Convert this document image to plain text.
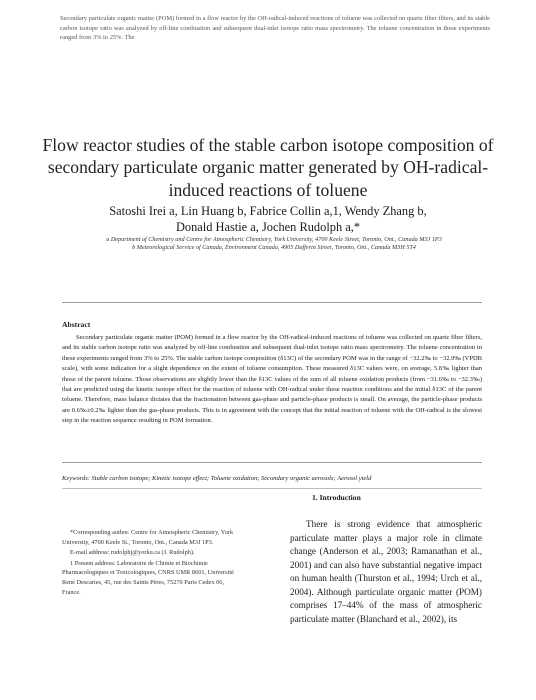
Secondary particulate organic matter (POM) formed in a flow reactor by the OH-radical-induced reactions of toluene was collected on quartz fiber filters, and its stable carbon isotope ratio was analyzed by off-line combustion and subsequent dual-inlet isotope ratio mass spectrometry. The toluene concentration in these experiments ranged from 3% to 25%. The
Flow reactor studies of the stable carbon isotope composition of secondary particulate organic matter generated by OH-radical-induced reactions of toluene
Satoshi Irei a, Lin Huang b, Fabrice Collin a,1, Wendy Zhang b,
Donald Hastie a, Jochen Rudolph a,*
a Department of Chemistry and Centre for Atmospheric Chemistry, York University, 4700 Keele Street, Toronto, Ont., Canada M3J 1P3
b Meteorological Service of Canada, Environment Canada, 4905 Dufferin Street, Toronto, Ont., Canada M3H 5T4
Abstract

Secondary particulate organic matter (POM) formed in a flow reactor by the OH-radical-induced reactions of toluene was collected on quartz fiber filters, and its stable carbon isotope ratio was analyzed by off-line combustion and subsequent dual-inlet isotope ratio mass spectrometry. The toluene concentration in these experiments ranged from 3% to 25%. The stable carbon isotope composition (δ13C) of the secondary POM was in the range of −32.2‰ to −32.9‰ (VPDB scale), with some indication for a slight dependence on the extent of toluene consumption. These measured δ13C values were, on average, 5.8‰ lighter than those of the parent toluene. Those observations are slightly lower than the δ13C values of the sum of all toluene oxidation products (from −31.6‰ to −32.3‰) that are predicted using the kinetic isotope effect for the reaction of toluene with OH-radical under these reaction conditions and the initial δ13C of the parent toluene. Therefore, mass balance dictates that the fractionation between gas-phase and particle-phase products is small. On average, the particle-phase products are 0.6‰±0.2‰ lighter than the gas-phase products. This is in agreement with the concept that the initial reaction of toluene with the OH-radical is the slowest step in the reaction sequence resulting in POM formation.

Keywords: Stable carbon isotope; Kinetic isotope effect; Toluene oxidation; Secondary organic aerosols; Aerosol yield

*Corresponding author. Centre for Atmospheric Chemistry, York University, 4700 Keele St., Toronto, Ont., Canada M3J 1P3.

E-mail address: rudolphj@yorku.ca (J. Rudolph).

1 Present address: Laboratoire de Chimie et Biochimie Pharmacologiques et Toxicologiques, CNRS UMR 8601, Université René Descartes, 45, rue des Saints Pères, 75270 Paris Cedex 06, France.

1. Introduction

There is strong evidence that atmospheric particulate matter plays a major role in climate change (Anderson et al., 2003; Ramanathan et al., 2001) and can also have substantial negative impact on human health (Thurston et al., 1994; Urch et al., 2004). Although particulate organic matter (POM) comprises 17–44% of the mass of atmospheric particulate matter (Blanchard et al., 2002), its
